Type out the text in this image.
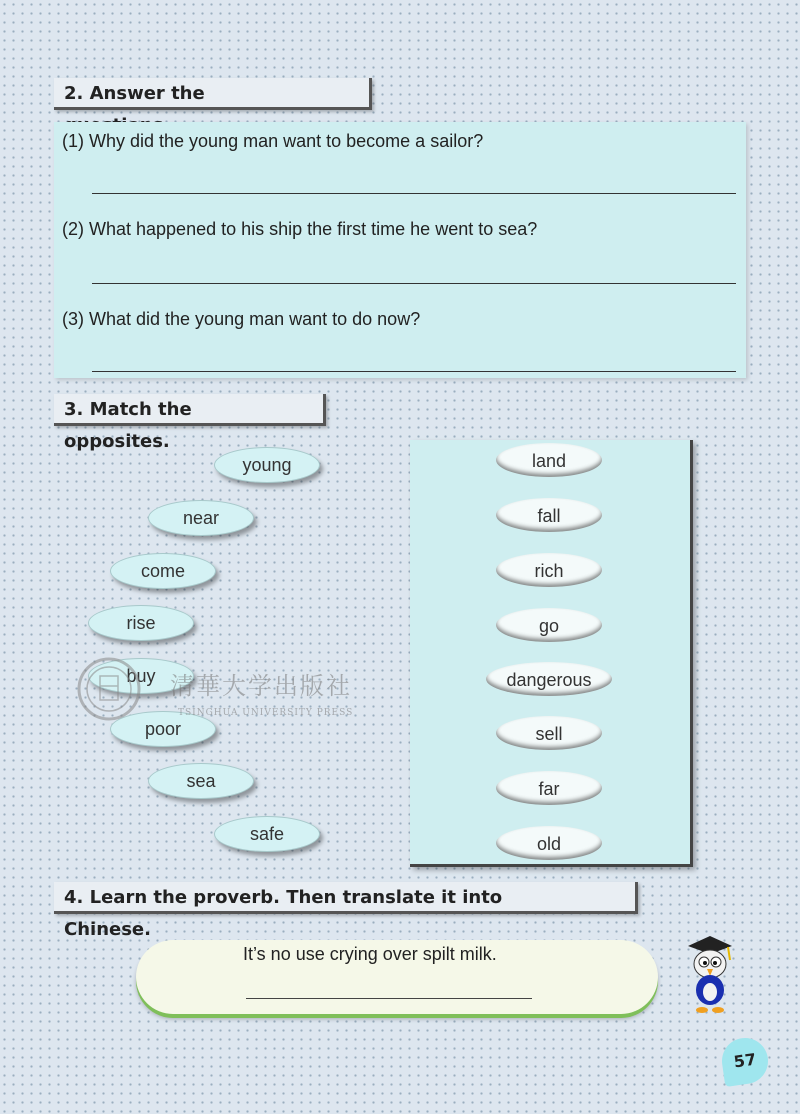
2. Answer the
(1) Why did the young man want to become a sailor?
(2) What happened to his ship the first time he went to sea?
(3) What did the young man want to do now?
3. Match the opposites.
young
near
come
rise
buy
poor
sea
safe
land
fall
rich
go
dangerous
sell
far
old
清華大学出版社
TSINGHUA UNIVERSITY PRESS
4. Learn the proverb. Then translate it into Chinese.
It’s no use crying over spilt milk.
57
